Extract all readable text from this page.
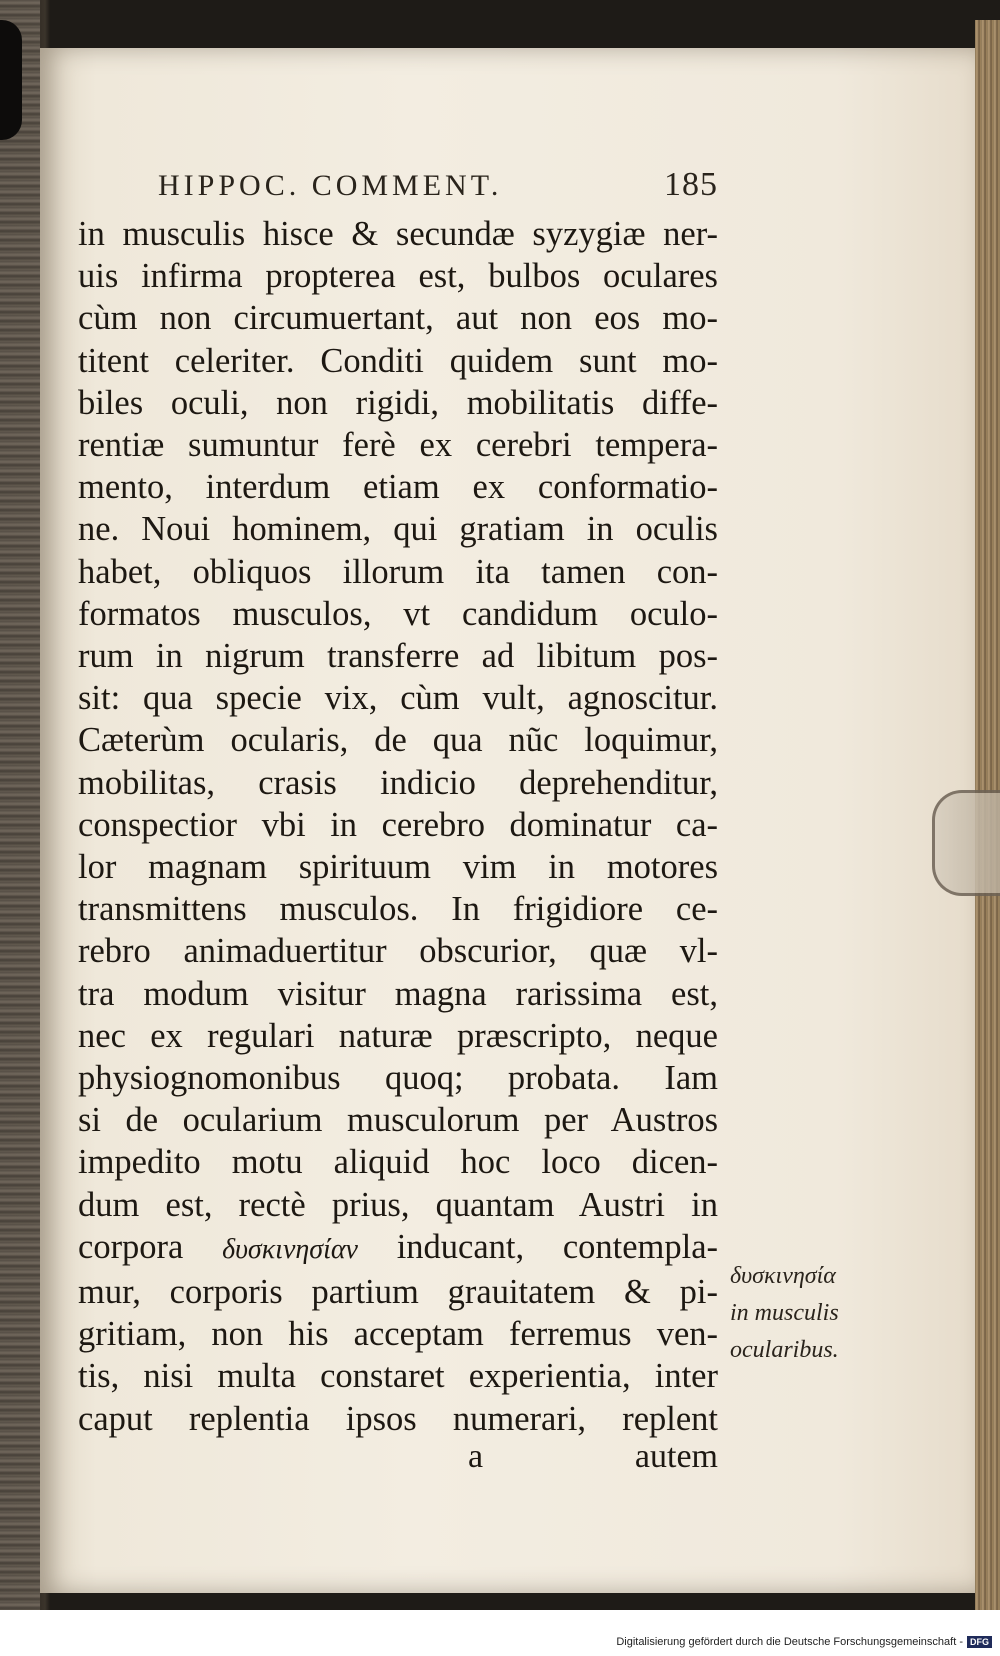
HIPPOC. COMMENT.	185
in musculis hisce & secundæ syzygiæ ner-
uis infirma propterea est, bulbos oculares
cùm non circumuertant, aut non eos mo-
titent celeriter. Conditi quidem sunt mo-
biles oculi, non rigidi, mobilitatis diffe-
rentiæ sumuntur ferè ex cerebri tempera-
mento, interdum etiam ex conformatio-
ne. Noui hominem, qui gratiam in oculis
habet, obliquos illorum ita tamen con-
formatos musculos, vt candidum oculo-
rum in nigrum transferre ad libitum pos-
sit: qua specie vix, cùm vult, agnoscitur.
Cæterùm ocularis, de qua nũc loquimur,
mobilitas, crasis indicio deprehenditur,
conspectior vbi in cerebro dominatur ca-
lor magnam spirituum vim in motores
transmittens musculos. In frigidiore ce-
rebro animaduertitur obscurior, quæ vl-
tra modum visitur magna rarissima est,
nec ex regulari naturæ præscripto, neque
physiognomonibus quoq; probata. Iam
si de ocularium musculorum per Austros
impedito motu aliquid hoc loco dicen-
dum est, rectè prius, quantam Austri in
corpora δυσκινησίαν inducant, contempla-
mur, corporis partium grauitatem & pi-
gritiam, non his acceptam ferremus ven-
tis, nisi multa constaret experientia, inter
caput replentia ipsos numerari, replent
a	autem
δυσκινησία
in musculis
ocularibus.
Digitalisierung gefördert durch die Deutsche Forschungsgemeinschaft - DFG
